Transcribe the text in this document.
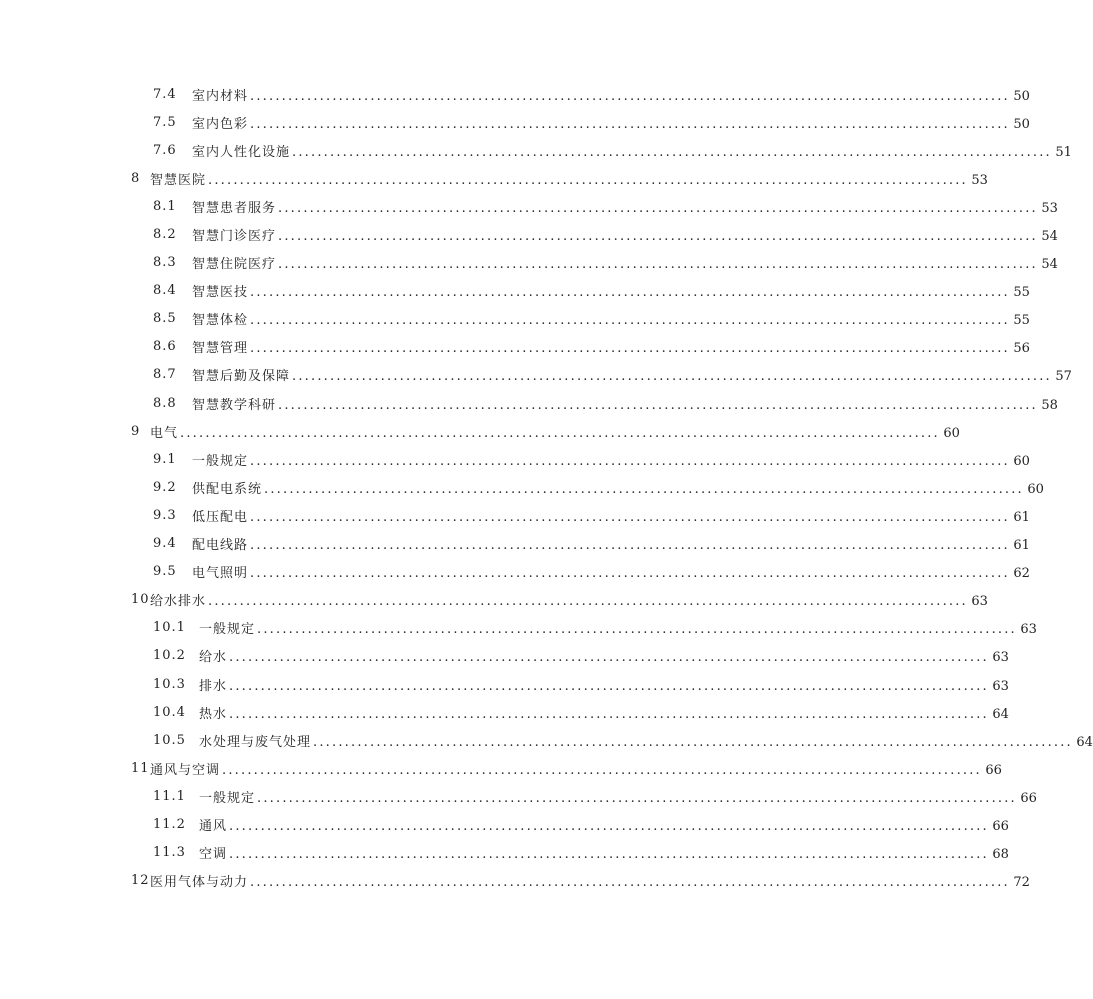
7.4 室内材料 ........................................................................................................................ 50
7.5 室内色彩 ........................................................................................................................ 50
7.6 室内人性化设施 ........................................................................................................................ 51
8 智慧医院 ........................................................................................................................ 53
8.1 智慧患者服务 ........................................................................................................................ 53
8.2 智慧门诊医疗 ........................................................................................................................ 54
8.3 智慧住院医疗 ........................................................................................................................ 54
8.4 智慧医技 ........................................................................................................................ 55
8.5 智慧体检 ........................................................................................................................ 55
8.6 智慧管理 ........................................................................................................................ 56
8.7 智慧后勤及保障 ........................................................................................................................ 57
8.8 智慧教学科研 ........................................................................................................................ 58
9 电气 ........................................................................................................................ 60
9.1 一般规定 ........................................................................................................................ 60
9.2 供配电系统 ........................................................................................................................ 60
9.3 低压配电 ........................................................................................................................ 61
9.4 配电线路 ........................................................................................................................ 61
9.5 电气照明 ........................................................................................................................ 62
10 给水排水 ........................................................................................................................ 63
10.1 一般规定 ........................................................................................................................ 63
10.2 给水 ........................................................................................................................ 63
10.3 排水 ........................................................................................................................ 63
10.4 热水 ........................................................................................................................ 64
10.5 水处理与废气处理 ........................................................................................................................ 64
11 通风与空调 ........................................................................................................................ 66
11.1 一般规定 ........................................................................................................................ 66
11.2 通风 ........................................................................................................................ 66
11.3 空调 ........................................................................................................................ 68
12 医用气体与动力 ........................................................................................................................ 72
